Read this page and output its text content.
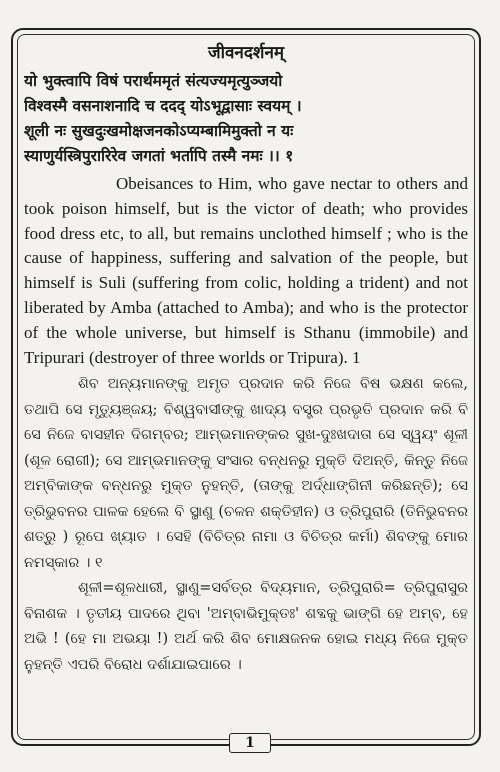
जीवनदर्शनम्
यो भुक्त्वापि विषं परार्थममृतं संत्यज्यमृत्युञ्जयो
विश्वस्मै वसनाशनादि च ददद् योऽभूद्वासाः स्वयम् ।
शूली नः सुखदुःखमोक्षजनकोऽप्यम्बामिमुक्तो न यः
स्याणुर्यस्त्रिपुरारिरेव जगतां भर्तापि तस्मै नमः ।। १
Obeisances to Him, who gave nectar to others and took poison himself, but is the victor of death; who provides food dress etc, to all, but remains unclothed himself ; who is the cause of happiness, suffering and salvation of the people, but himself is Suli (suffering from colic, holding a trident) and not liberated by Amba (attached to Amba); and who is the protector of the whole universe, but himself is Sthanu (immobile) and Tripurari (destroyer of three worlds or Tripura). 1

ଶିବ ଅନ୍ୟମାନଙ୍କୁ ଅମୃତ ପ୍ରଦାନ କରି ନିଜେ ବିଷ ଭକ୍ଷଣ କଲେ, ତଥାପି ସେ ମୃତ୍ୟୁଞ୍ଜୟ; ବିଶ୍ୱବାସୀଙ୍କୁ ଖାଦ୍ୟ ବସ୍ତ୍ର ପ୍ରଭୃତି ପ୍ରଦାନ କରି ବି ସେ ନିଜେ ବାସହୀନ ଦିଗମ୍ବର; ଆମ୍ଭମାନଙ୍କର ସୁଖ-ଦୁଃଖଦାତା ସେ ସ୍ୱୟଂ ଶୂଳୀ (ଶୂଳ ରୋଗୀ); ସେ ଆମ୍ଭମାନଙ୍କୁ ସଂସାର ବନ୍ଧନରୁ ମୁକ୍ତି ଦିଅନ୍ତି, କିନ୍ତୁ ନିଜେ ଅମ୍ବିକାଙ୍କ ବନ୍ଧନରୁ ମୁକ୍ତ ନୁହନ୍ତି, (ତାଙ୍କୁ ଅର୍ଦ୍ଧାଙ୍ଗିନୀ କରିଛନ୍ତି); ସେ ତ୍ରିଭୁବନର ପାଳକ ହେଲେ ବି ସ୍ଥାଣୁ (ଚଳନ ଶକ୍ତିହୀନ) ଓ ତ୍ରିପୁରାରି (ତିନିଭୁବନର ଶତ୍ରୁ ) ରୂପେ ଖ୍ୟାତ । ସେହି (ବିଚିତ୍ର ନାମା ଓ ବିଚିତ୍ର କର୍ମା) ଶିବଙ୍କୁ ମୋର ନମସ୍କାର । ୧

ଶୂଳୀ=ଶୂଳଧାରୀ, ସ୍ଥାଣୁ=ସର୍ବତ୍ର ବିଦ୍ୟମାନ, ତ୍ରିପୁରାରି= ତ୍ରିପୁରାସୁର ବିନାଶକ । ତୃତୀୟ ପାଦରେ ଥିବା 'ଅମ୍ବାଭିମୁକ୍ତଃ' ଶବ୍ଦକୁ ଭାଙ୍ଗି ହେ ଅମ୍ବ, ହେ ଅଭି ! (ହେ ମା ଅଭୟା !) ଅର୍ଥ କରି ଶିବ ମୋକ୍ଷଜନକ ହୋଇ ମଧ୍ୟ ନିଜେ ମୁକ୍ତ ନୁହନ୍ତି ଏପରି ବିରୋଧ ଦର୍ଶାଯାଇପାରେ ।

1
